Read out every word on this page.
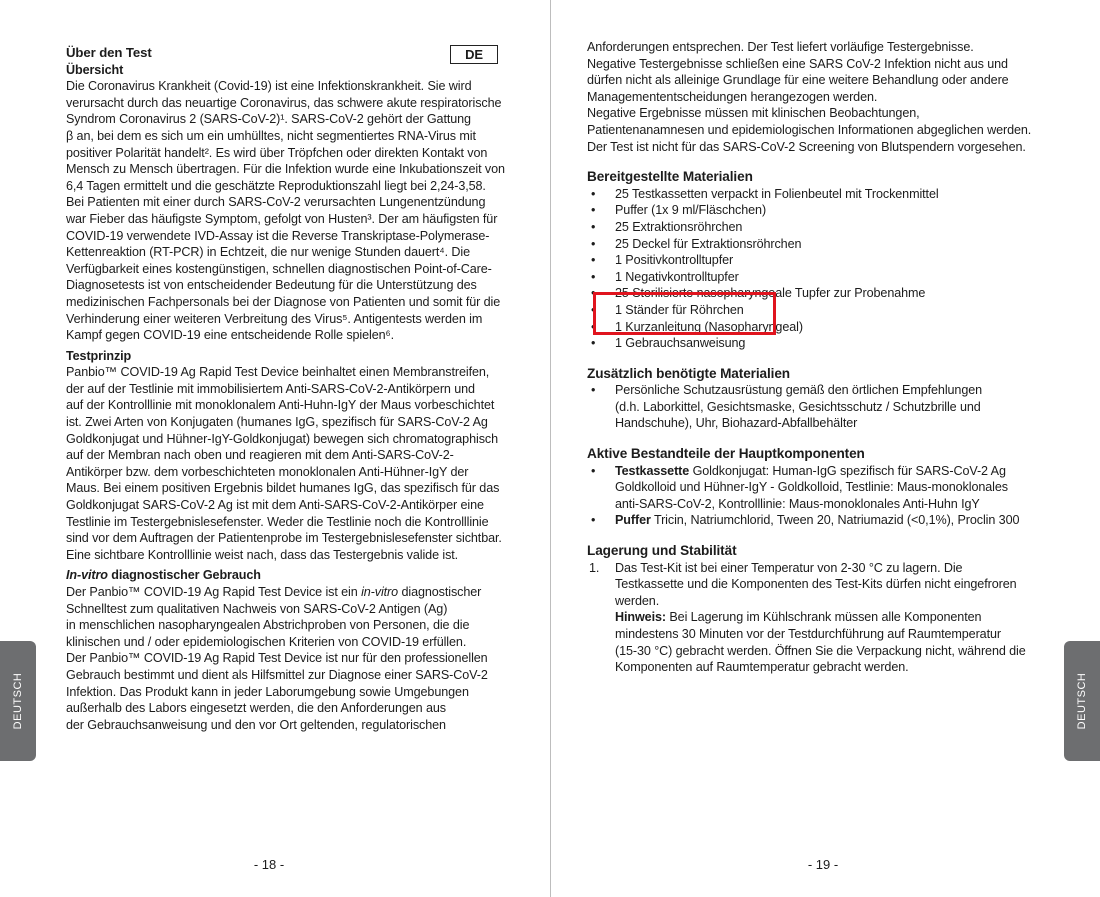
Über den Test	DE

Übersicht

Die Coronavirus Krankheit (Covid-19) ist eine Infektionskrankheit. Sie wird

verursacht durch das neuartige Coronavirus, das schwere akute respiratorische

Syndrom Coronavirus 2 (SARS-CoV-2)¹. SARS-CoV-2 gehört der Gattung

β an, bei dem es sich um ein umhülltes, nicht segmentiertes RNA-Virus mit

positiver Polarität handelt². Es wird über Tröpfchen oder direkten Kontakt von

Mensch zu Mensch übertragen. Für die Infektion wurde eine Inkubationszeit von

6,4 Tagen ermittelt und die geschätzte Reproduktionszahl liegt bei 2,24-3,58.

Bei Patienten mit einer durch SARS-CoV-2 verursachten Lungenentzündung

war Fieber das häufigste Symptom, gefolgt von Husten³. Der am häufigsten für

COVID-19 verwendete IVD-Assay ist die Reverse Transkriptase-Polymerase-

Kettenreaktion (RT-PCR) in Echtzeit, die nur wenige Stunden dauert⁴. Die

Verfügbarkeit eines kostengünstigen, schnellen diagnostischen Point-of-Care-

Diagnosetests ist von entscheidender Bedeutung für die Unterstützung des

medizinischen Fachpersonals bei der Diagnose von Patienten und somit für die

Verhinderung einer weiteren Verbreitung des Virus⁵. Antigentests werden im

Kampf gegen COVID-19 eine entscheidende Rolle spielen⁶.

Testprinzip

Panbio™ COVID-19 Ag Rapid Test Device beinhaltet einen Membranstreifen,

der auf der Testlinie mit immobilisiertem Anti-SARS-CoV-2-Antikörpern und

auf der Kontrolllinie mit monoklonalem Anti-Huhn-IgY der Maus vorbeschichtet

ist. Zwei Arten von Konjugaten (humanes IgG, spezifisch für SARS-CoV-2 Ag

Goldkonjugat und Hühner-IgY-Goldkonjugat) bewegen sich chromatographisch

auf der Membran nach oben und reagieren mit dem Anti-SARS-CoV-2-

Antikörper bzw. dem vorbeschichteten monoklonalen Anti-Hühner-IgY der

Maus. Bei einem positiven Ergebnis bildet humanes IgG, das spezifisch für das

Goldkonjugat SARS-CoV-2 Ag ist mit dem Anti-SARS-CoV-2-Antikörper eine

Testlinie im Testergebnislesefenster. Weder die Testlinie noch die Kontrolllinie

sind vor dem Auftragen der Patientenprobe im Testergebnislesefenster sichtbar.

Eine sichtbare Kontrolllinie weist nach, dass das Testergebnis valide ist.

In-vitro diagnostischer Gebrauch

Der Panbio™ COVID-19 Ag Rapid Test Device ist ein in-vitro diagnostischer

Schnelltest zum qualitativen Nachweis von SARS-CoV-2 Antigen (Ag)

in menschlichen nasopharyngealen Abstrichproben von Personen, die die

klinischen und / oder epidemiologischen Kriterien von COVID-19 erfüllen.

Der Panbio™ COVID-19 Ag Rapid Test Device ist nur für den professionellen

Gebrauch bestimmt und dient als Hilfsmittel zur Diagnose einer SARS-CoV-2

Infektion. Das Produkt kann in jeder Laborumgebung sowie Umgebungen

außerhalb des Labors eingesetzt werden, die den Anforderungen aus

der Gebrauchsanweisung und den vor Ort geltenden, regulatorischen

DEUTSCH
- 18 -

Anforderungen entsprechen. Der Test liefert vorläufige Testergebnisse.

Negative Testergebnisse schließen eine SARS CoV-2 Infektion nicht aus und

dürfen nicht als alleinige Grundlage für eine weitere Behandlung oder andere

Managemententscheidungen herangezogen werden.

Negative Ergebnisse müssen mit klinischen Beobachtungen,

Patientenanamnesen und epidemiologischen Informationen abgeglichen werden.

Der Test ist nicht für das SARS-CoV-2 Screening von Blutspendern vorgesehen.

Bereitgestellte Materialien

• 25 Testkassetten verpackt in Folienbeutel mit Trockenmittel
• Puffer (1x 9 ml/Fläschchen)
• 25 Extraktionsröhrchen
• 25 Deckel für Extraktionsröhrchen
• 1 Positivkontrolltupfer
• 1 Negativkontrolltupfer
• 25 Sterilisierte nasopharyngeale Tupfer zur Probenahme
• 1 Ständer für Röhrchen
• 1 Kurzanleitung (Nasopharyngeal)
• 1 Gebrauchsanweisung

Zusätzlich benötigte Materialien

• Persönliche Schutzausrüstung gemäß den örtlichen Empfehlungen
(d.h. Laborkittel, Gesichtsmaske, Gesichtsschutz / Schutzbrille und
Handschuhe), Uhr, Biohazard-Abfallbehälter

Aktive Bestandteile der Hauptkomponenten

• Testkassette Goldkonjugat: Human-IgG spezifisch für SARS-CoV-2 Ag
Goldkolloid und Hühner-IgY - Goldkolloid, Testlinie: Maus-monoklonales
anti-SARS-CoV-2, Kontrolllinie: Maus-monoklonales Anti-Huhn IgY
• Puffer Tricin, Natriumchlorid, Tween 20, Natriumazid (<0,1%), Proclin 300

Lagerung und Stabilität

1. Das Test-Kit ist bei einer Temperatur von 2-30 °C zu lagern. Die
Testkassette und die Komponenten des Test-Kits dürfen nicht eingefroren
werden.
Hinweis: Bei Lagerung im Kühlschrank müssen alle Komponenten
mindestens 30 Minuten vor der Testdurchführung auf Raumtemperatur
(15-30 °C) gebracht werden. Öffnen Sie die Verpackung nicht, während die
Komponenten auf Raumtemperatur gebracht werden.
DEUTSCH
- 19 -
